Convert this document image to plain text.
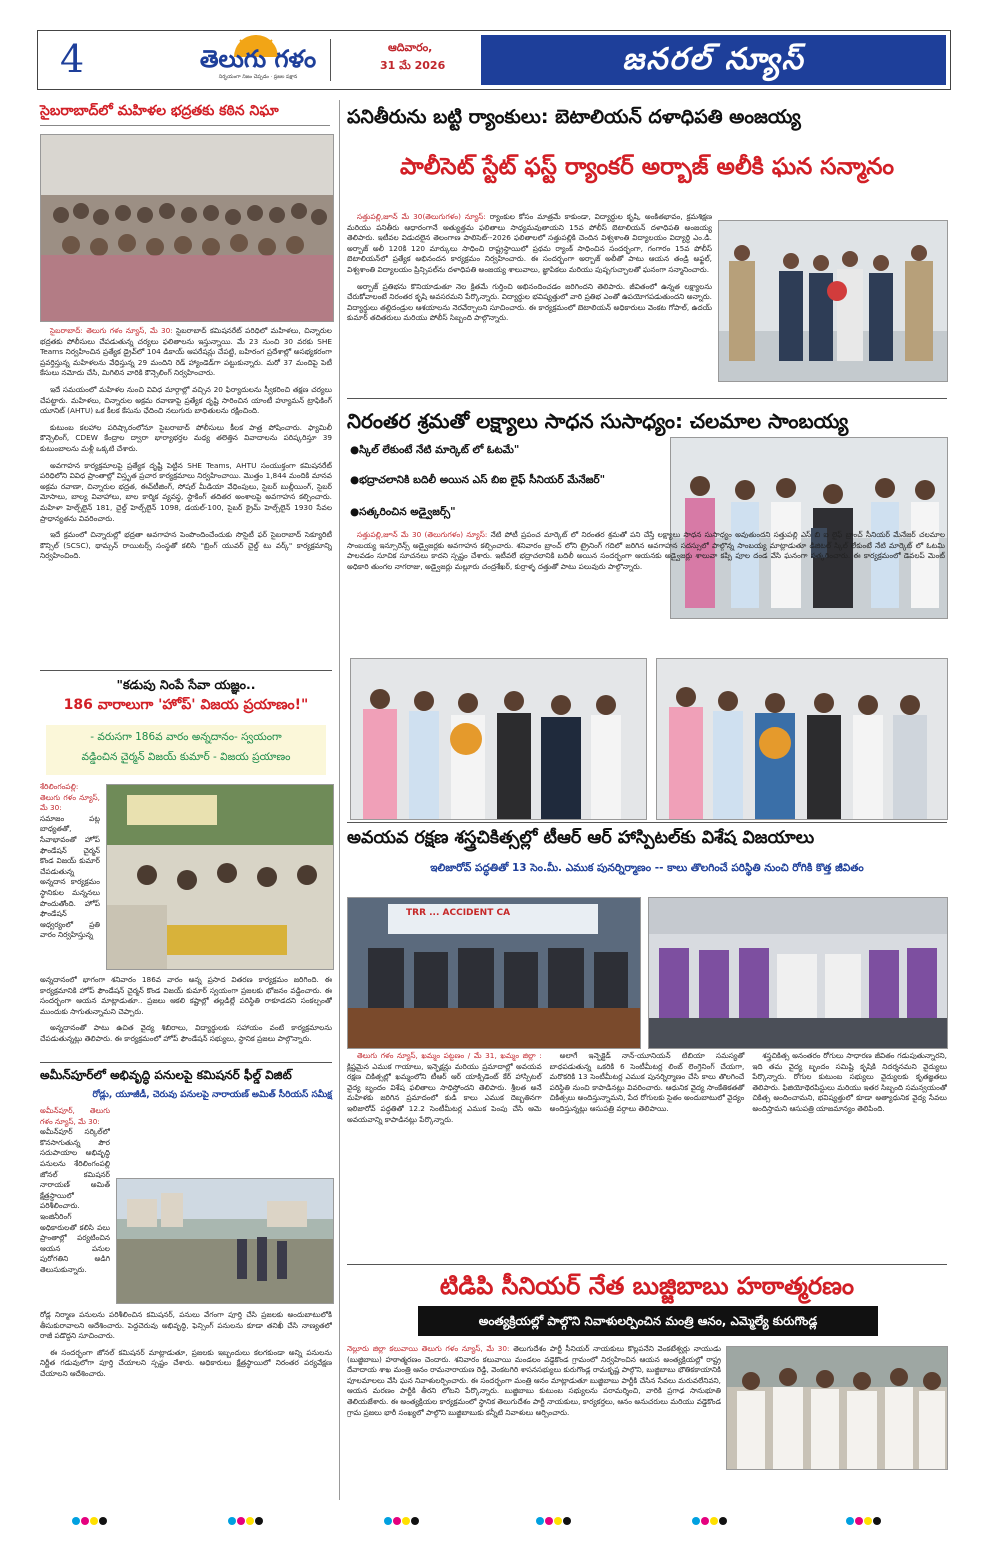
4	తెలుగు గళం
నిర్భయంగా నిజం చెప్పడం · ప్రజల పక్షాన
ఆదివారం,
31 మే 2026	జనరల్ న్యూస్
సైబరాబాద్‌లో మహిళల భద్రతకు కఠిన నిఘా

సైబరాబాద్: తెలుగు గళం న్యూస్, మే 30: సైబరాబాద్ కమిషనరేట్ పరిధిలో మహిళలు, చిన్నారుల భద్రతకు పోలీసులు చేపడుతున్న చర్యలు ఫలితాలను ఇస్తున్నాయి. మే 23 నుంచి 30 వరకు SHE Teams నిర్వహించిన ప్రత్యేక డ్రైవ్‌లో 104 డికాయ్ ఆపరేషన్లు చేపట్టి, బహిరంగ ప్రదేశాల్లో అసభ్యకరంగా ప్రవర్తిస్తున్న మహిళలను వేధిస్తున్న 29 మందిని రెడ్ హ్యాండెడ్‌గా పట్టుకున్నారు. మరో 37 మందిపై పెటీ కేసులు నమోదు చేసి, మిగిలిన వారికి కౌన్సెలింగ్ నిర్వహించారు.

ఇదే సమయంలో మహిళల నుంచి వివిధ మార్గాల్లో వచ్చిన 20 ఫిర్యాదులను స్వీకరించి తక్షణ చర్యలు చేపట్టారు. మహిళలు, చిన్నారుల అక్రమ రవాణాపై ప్రత్యేక దృష్టి సారించిన యాంటీ హ్యూమన్ ట్రాఫికింగ్ యూనిట్ (AHTU) ఒక కీలక కేసును ఛేదించి నలుగురు బాధితులను రక్షించింది.

కుటుంబ కలహాల పరిష్కారంలోనూ సైబరాబాద్ పోలీసులు కీలక పాత్ర పోషించారు. ఫ్యామిలీ కౌన్సెలింగ్, CDEW కేంద్రాల ద్వారా భార్యాభర్తల మధ్య తలెత్తిన వివాదాలను పరిష్కరిస్తూ 39 కుటుంబాలను మళ్లీ ఒక్కటి చేశారు.

అవగాహన కార్యక్రమాలపై ప్రత్యేక దృష్టి పెట్టిన SHE Teams, AHTU సంయుక్తంగా కమిషనరేట్ పరిధిలోని వివిధ ప్రాంతాల్లో విస్తృత ప్రచార కార్యక్రమాలు నిర్వహించాయి. మొత్తం 1,844 మందికి మానవ అక్రమ రవాణా, చిన్నారుల భద్రత, ఈవ్‌టీజింగ్, సోషల్ మీడియా వేధింపులు, సైబర్ బుల్లీయింగ్, సైబర్ మోసాలు, బాల్య వివాహాలు, బాల కార్మిక వ్యవస్థ, స్టాకింగ్ తదితర అంశాలపై అవగాహన కల్పించారు. మహిళా హెల్ప్‌లైన్ 181, చైల్డ్ హెల్ప్‌లైన్ 1098, డయల్-100, సైబర్ క్రైమ్ హెల్ప్‌లైన్ 1930 సేవల ప్రాధాన్యతను వివరించారు.

ఇదే క్రమంలో చిన్నారుల్లో భద్రతా అవగాహన పెంపొందించేందుకు సొసైటీ ఫర్ సైబరాబాద్ సెక్యూరిటీ కౌన్సిల్ (SCSC), థామ్సన్ రాయిటర్స్ సంస్థతో కలిసి "బ్రింగ్ యువర్ చైల్డ్ టు వర్క్" కార్యక్రమాన్ని నిర్వహించింది.

"కడుపు నింపే సేవా యజ్ఞం..
186 వారాలుగా 'హోప్' విజయ ప్రయాణం!"
- వరుసగా 186వ వారం అన్నదానం- స్వయంగా
వడ్డించిన చైర్మన్ విజయ్ కుమార్ - విజయ ప్రయాణం
శేరిలింగంపల్లి: తెలుగు గళం న్యూస్, మే 30:
సమాజం పట్ల బాధ్యతతో, సేవాభావంతో హోప్ ఫౌండేషన్ చైర్మన్ కొండ విజయ్ కుమార్ చేపడుతున్న అన్నదాన కార్యక్రమం స్థానికుల మన్ననలు పొందుతోంది. హోప్ ఫౌండేషన్ ఆధ్వర్యంలో ప్రతి వారం నిర్వహిస్తున్న

అన్నదానంలో భాగంగా శనివారం 186వ వారం అన్న ప్రసాద వితరణ కార్యక్రమం జరిగింది. ఈ కార్యక్రమానికి హోప్ ఫౌండేషన్ చైర్మన్ కొండ విజయ్ కుమార్ స్వయంగా ప్రజలకు భోజనం వడ్డించారు. ఈ సందర్భంగా ఆయన మాట్లాడుతూ.. ప్రజలు ఆకలి కష్టాల్లో తల్లడిల్లే పరిస్థితి రాకూడదని సంకల్పంతో ముందుకు సాగుతున్నామని చెప్పారు.

అన్నదానంతో పాటు ఉచిత వైద్య శిబిరాలు, విద్యార్థులకు సహాయం వంటి కార్యక్రమాలను చేపడుతున్నట్లు తెలిపారు. ఈ కార్యక్రమంలో హోప్ ఫౌండేషన్ సభ్యులు, స్థానిక ప్రజలు పాల్గొన్నారు.

అమీన్‌పూర్‌లో అభివృద్ధి పనులపై కమిషనర్ ఫీల్డ్ విజిట్
రోడ్లు, యూజీడీ, చెరువు పనులపై నారాయణ్ అమిత్ సీరియస్ సమీక్ష
అమీన్‌పూర్, తెలుగు గళం న్యూస్, మే 30:
అమీన్‌పూర్ సర్కిల్‌లో కొనసాగుతున్న పౌర సదుపాయాల అభివృద్ధి పనులను శేరిలింగంపల్లి జోనల్ కమిషనర్ నారాయణ్ అమిత్ క్షేత్రస్థాయిలో పరిశీలించారు. ఇంజినీరింగ్ అధికారులతో కలిసి పలు ప్రాంతాల్లో పర్యటించిన ఆయన పనుల పురోగతిని అడిగి తెలుసుకున్నారు.

రోడ్ల నిర్మాణ పనులను పరిశీలించిన కమిషనర్, పనులు వేగంగా పూర్తి చేసి ప్రజలకు అందుబాటులోకి తీసుకురావాలని ఆదేశించారు. పెద్దచెరువు అభివృద్ధి, ఫెన్సింగ్ పనులను కూడా తనిఖీ చేసి నాణ్యతలో రాజీ పడొద్దని సూచించారు.

ఈ సందర్భంగా జోనల్ కమిషనర్ మాట్లాడుతూ, ప్రజలకు ఇబ్బందులు కలగకుండా అన్ని పనులను నిర్ణీత గడువులోగా పూర్తి చేయాలని స్పష్టం చేశారు. అధికారులు క్షేత్రస్థాయిలో నిరంతర పర్యవేక్షణ చేయాలని ఆదేశించారు.

పనితీరును బట్టి ర్యాంకులు: బెటాలియన్ దళాధిపతి అంజయ్య
పాలీసెట్ స్టేట్ ఫస్ట్ ర్యాంకర్ అర్బాజ్ అలీకి ఘన సన్మానం

సత్తుపల్లి,జూన్ మే 30(తెలుగుగళం) న్యూస్: ర్యాంకుల కోసం మాత్రమే కాకుండా, విద్యార్థుల కృషి, అంకితభావం, క్రమశిక్షణ మరియు పనితీరు ఆధారంగానే అత్యుత్తమ ఫలితాలు సాధ్యమవుతాయని 15వ పోలీస్ బెటాలియన్ దళాధిపతి అంజయ్య తెలిపారు. ఇటీవల విడుదలైన తెలంగాణ పాలిసెట్--2026 ఫలితాలలో సత్తుపల్లికి చెందిన విశ్వశాంతి విద్యాలయం విద్యార్థి ఎం.డి. అర్బాజ్ అలీ 120కి 120 మార్కులు సాధించి రాష్ట్రస్థాయిలో ప్రథమ ర్యాంక్ సాధించిన సందర్భంగా, గంగారం 15వ పోలీస్ బెటాలియన్‌లో ప్రత్యేక అభినందన కార్యక్రమం నిర్వహించారు. ఈ సందర్భంగా అర్బాజ్ అలీతో పాటు ఆయన తండ్రి అఫ్జల్, విశ్వశాంతి విద్యాలయం ప్రిన్సిపల్‌ను దళాధిపతి అంజయ్య శాలువాలు, జ్ఞాపికలు మరియు పుష్పగుచ్ఛాలతో ఘనంగా సన్మానించారు.

అర్బాజ్ ప్రతిభను కొనియాడుతూ నెల క్రితమే గుర్తించి అభినందించడం జరిగిందని తెలిపారు. జీవితంలో ఉన్నత లక్ష్యాలను చేరుకోవాలంటే నిరంతర కృషి అవసరమని పేర్కొన్నారు. విద్యార్థుల భవిష్యత్తులో వారి ప్రతిభ ఎంతో ఉపయోగపడుతుందని అన్నారు. విద్యార్థులు తల్లిదండ్రుల ఆశయాలను నెరవేర్చాలని సూచించారు. ఈ కార్యక్రమంలో బెటాలియన్ అధికారులు వెంకట గోపాల్, ఉదయ్ కుమార్ తదితరులు మరియు పోలీస్ సిబ్బంది పాల్గొన్నారు.

నిరంతర శ్రమతో లక్ష్యాలు సాధన సుసాధ్యం: చలమాల సాంబయ్య
●స్కిల్ లేకుంటే నేటి మార్కెట్ లో ఓటమే"
●భద్రాచలానికి బదిలీ అయిన ఎస్ బిఐ లైఫ్ సీనియర్ మేనేజర్"
●సత్కరించిన అడ్వైజర్స్"

సత్తుపల్లి,జూన్ మే 30 (తెలుగుగళం) న్యూస్: నేటి పోటీ ప్రపంచ మార్కెట్ లో నిరంతర శ్రమతో పని చేస్తే లక్ష్యాలు సాధన సుసాధ్యం అవుతుందని సత్తుపల్లి ఎస్ బి ఐ లైఫ్ బ్రాంచ్ సీనియర్ మేనేజర్ చలమాల సాంబయ్య ఇన్సూరెన్స్ అడ్వైజర్లకు అవగాహన కల్పించారు. శనివారం బ్రాంచ్ లోని ట్రైనింగ్ గదిలో జరిగిన అవగాహన సదస్సులో పాల్గొన్న సాంబయ్య మాట్లాడుతూ డిజిటల్ స్కిల్ లేకుంటే నేటి మార్కెట్ లో ఓటమి పాలవడం సూచిక సూచనలు కాదని స్పష్టం చేశారు. ఇటీవలే భద్రాచలానికి బదిలీ అయిన సందర్భంగా ఆయనకు అడ్వైజర్లు శాలువా కప్పి పూల దండ వేసి ఘనంగా సత్కరించారు. ఈ కార్యక్రమంలో డెవలప్ మెంట్ అధికారి తుంగల నాగరాజు, అడ్వైజర్లు మల్లూరు చంద్రశేఖర్, కుర్రాళ్ళ దత్తుతో పాటు పలువురు పాల్గొన్నారు.

అవయవ రక్షణ శస్త్రచికిత్సల్లో టీఆర్ ఆర్ హాస్పిటల్‌కు విశేష విజయాలు
ఇలిజారోవ్ పద్ధతితో 13 సెం.మీ. ఎముక పునర్నిర్మాణం -- కాలు తొలగించే పరిస్థితి నుంచి రోగికి కొత్త జీవితం
TRR ... ACCIDENT CA

తెలుగు గళం న్యూస్, ఖమ్మం పట్టణం / మే 31, ఖమ్మం జిల్లా : క్లిష్టమైన ఎముక గాయాలు, ఇన్ఫెక్షన్లు మరియు ప్రమాదాల్లో అవయవ రక్షణ చికిత్సల్లో ఖమ్మంలోని టీఆర్ ఆర్ యాక్సిడెంట్ కేర్ హాస్పిటల్ వైద్య బృందం విశేష ఫలితాలు సాధిస్తోందని తెలిపారు. శ్రీలత అనే మహిళకు జరిగిన ప్రమాదంలో కుడి కాలు ఎముక దెబ్బతినగా ఇలిజారోవ్ పద్ధతితో 12.2 సెంటీమీటర్ల ఎముక పెంపు చేసి ఆమె అవయవాన్ని కాపాడినట్లు పేర్కొన్నారు.

అలాగే ఇన్ఫెక్టెడ్ నాన్-యూనియన్ టిబియా సమస్యతో బాధపడుతున్న ఒకరికి 6 సెంటీమీటర్ల లింబ్ లెంగ్తెనింగ్ చేయగా, మరొకరికి 13 సెంటీమీటర్ల ఎముక పునర్నిర్మాణం చేసి కాలు తొలగించే పరిస్థితి నుంచి కాపాడినట్లు వివరించారు. ఆధునిక వైద్య సాంకేతికతతో చికిత్సలు అందిస్తున్నామని, పేద రోగులకు సైతం అందుబాటులో వైద్యం అందిస్తున్నట్లు ఆసుపత్రి వర్గాలు తెలిపాయి.

శస్త్రచికిత్స అనంతరం రోగులు సాధారణ జీవితం గడుపుతున్నారని, ఇది తమ వైద్య బృందం సమిష్టి కృషికి నిదర్శనమని వైద్యులు పేర్కొన్నారు. రోగుల కుటుంబ సభ్యులు వైద్యులకు కృతజ్ఞతలు తెలిపారు. ఫిజియోథెరపిస్టులు మరియు ఇతర సిబ్బంది సమన్వయంతో చికిత్స అందించామని, భవిష్యత్తులో కూడా అత్యాధునిక వైద్య సేవలు అందిస్తామని ఆసుపత్రి యాజమాన్యం తెలిపింది.

టిడిపి సీనియర్ నేత బుజ్జిబాబు హఠాత్మరణం
అంత్యక్రియల్లో పాల్గొని నివాళులర్పించిన మంత్రి ఆనం, ఎమ్మెల్యే కురుగొండ్ల

నెల్లూరు జిల్లా కలువాయి తెలుగు గళం న్యూస్, మే 30: తెలుగుదేశం పార్టీ సీనియర్ నాయకులు కొల్లపనేని వెంకటేశ్వర్లు నాయుడు (బుజ్జిబాబు) హఠాత్మరణం చెందారు. శనివారం కలువాయి మండలం వడ్డెకొండ గ్రామంలో నిర్వహించిన ఆయన అంత్యక్రియల్లో రాష్ట్ర దేవాదాయ శాఖ మంత్రి ఆనం రామనారాయణ రెడ్డి, వెంకటగిరి శాసనసభ్యులు కురుగొండ్ల రామకృష్ణ పాల్గొని, బుజ్జిబాబు భౌతికకాయానికి పూలమాలలు వేసి ఘన నివాళులర్పించారు. ఈ సందర్భంగా మంత్రి ఆనం మాట్లాడుతూ బుజ్జిబాబు పార్టీకి చేసిన సేవలు మరువలేనివని, ఆయన మరణం పార్టీకి తీరని లోటని పేర్కొన్నారు. బుజ్జిబాబు కుటుంబ సభ్యులను పరామర్శించి, వారికి ప్రగాఢ సానుభూతి తెలియజేశారు. ఈ అంత్యక్రియల కార్యక్రమంలో స్థానిక తెలుగుదేశం పార్టీ నాయకులు, కార్యకర్తలు, ఆనం అనుచరులు మరియు వడ్డెకొండ గ్రామ ప్రజలు భారీ సంఖ్యలో పాల్గొని బుజ్జిబాబుకు కన్నీటి నివాళులు అర్పించారు.
